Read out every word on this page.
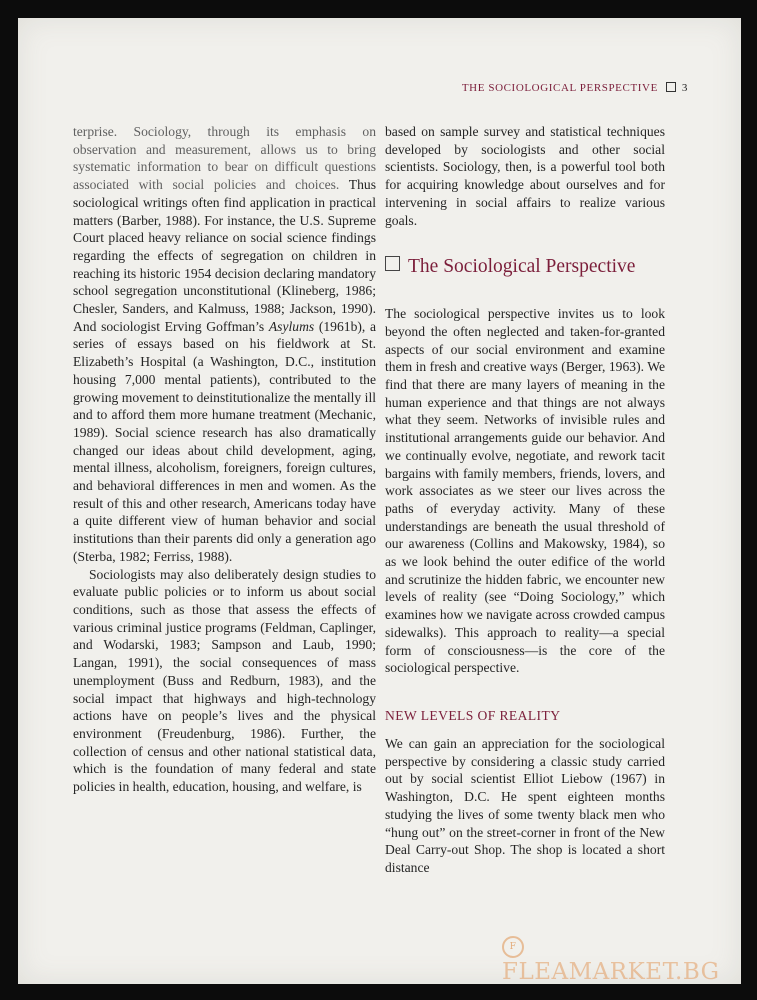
THE SOCIOLOGICAL PERSPECTIVE 3

terprise. Sociology, through its emphasis on observation and measurement, allows us to bring systematic information to bear on difficult questions associated with social policies and choices. Thus sociological writings often find application in practical matters (Barber, 1988). For instance, the U.S. Supreme Court placed heavy reliance on social science findings regarding the effects of segregation on children in reaching its historic 1954 decision declaring mandatory school segregation unconstitutional (Klineberg, 1986; Chesler, Sanders, and Kalmuss, 1988; Jackson, 1990). And sociologist Erving Goffman’s Asylums (1961b), a series of essays based on his fieldwork at St. Elizabeth’s Hospital (a Washington, D.C., institution housing 7,000 mental patients), contributed to the growing movement to deinstitutionalize the mentally ill and to afford them more humane treatment (Mechanic, 1989). Social science research has also dramatically changed our ideas about child development, aging, mental illness, alcoholism, foreigners, foreign cultures, and behavioral differences in men and women. As the result of this and other research, Americans today have a quite different view of human behavior and social institutions than their parents did only a generation ago (Sterba, 1982; Ferriss, 1988).

Sociologists may also deliberately design studies to evaluate public policies or to inform us about social conditions, such as those that assess the effects of various criminal justice programs (Feldman, Caplinger, and Wodarski, 1983; Sampson and Laub, 1990; Langan, 1991), the social consequences of mass unemployment (Buss and Redburn, 1983), and the social impact that highways and high-technology actions have on people’s lives and the physical environment (Freudenburg, 1986). Further, the collection of census and other national statistical data, which is the foundation of many federal and state policies in health, education, housing, and welfare, is

based on sample survey and statistical techniques developed by sociologists and other social scientists. Sociology, then, is a powerful tool both for acquiring knowledge about ourselves and for intervening in social affairs to realize various goals.

The Sociological Perspective

The sociological perspective invites us to look beyond the often neglected and taken-for-granted aspects of our social environment and examine them in fresh and creative ways (Berger, 1963). We find that there are many layers of meaning in the human experience and that things are not always what they seem. Networks of invisible rules and institutional arrangements guide our behavior. And we continually evolve, negotiate, and rework tacit bargains with family members, friends, lovers, and work associates as we steer our lives across the paths of everyday activity. Many of these understandings are beneath the usual threshold of our awareness (Collins and Makowsky, 1984), so as we look behind the outer edifice of the world and scrutinize the hidden fabric, we encounter new levels of reality (see “Doing Sociology,” which examines how we navigate across crowded campus sidewalks). This approach to reality—a special form of consciousness—is the core of the sociological perspective.

NEW LEVELS OF REALITY

We can gain an appreciation for the sociological perspective by considering a classic study carried out by social scientist Elliot Liebow (1967) in Washington, D.C. He spent eighteen months studying the lives of some twenty black men who “hung out” on the street-corner in front of the New Deal Carry-out Shop. The shop is located a short distance

FFLEAMARKET.BG
